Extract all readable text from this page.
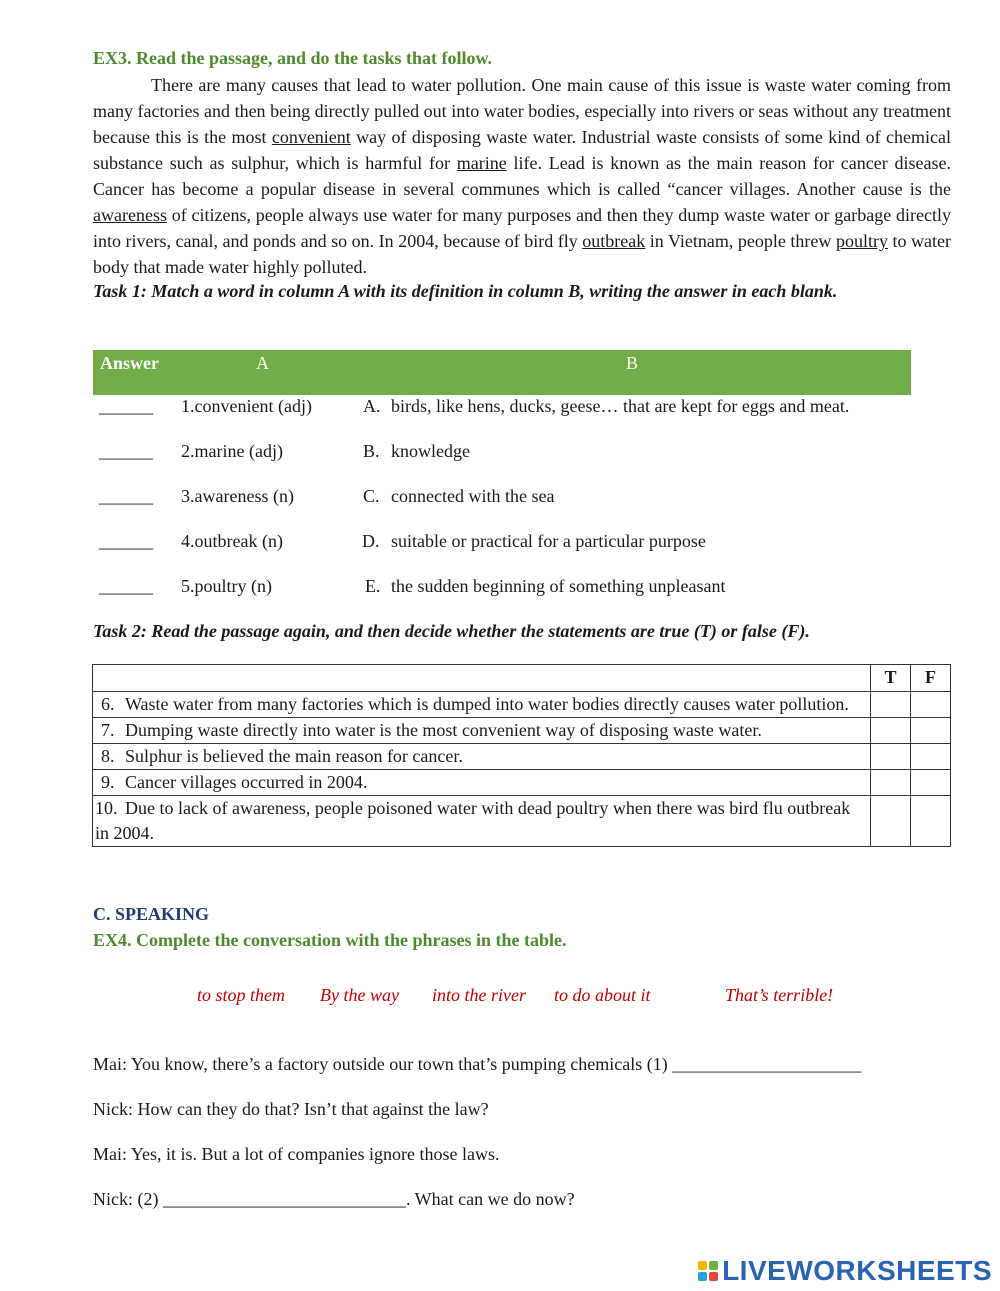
EX3. Read the passage, and do the tasks that follow.
There are many causes that lead to water pollution. One main cause of this issue is waste water coming from many factories and then being directly pulled out into water bodies, especially into rivers or seas without any treatment because this is the most convenient way of disposing waste water. Industrial waste consists of some kind of chemical substance such as sulphur, which is harmful for marine life. Lead is known as the main reason for cancer disease. Cancer has become a popular disease in several communes which is called “cancer villages. Another cause is the awareness of citizens, people always use water for many purposes and then they dump waste water or garbage directly into rivers, canal, and ponds and so on. In 2004, because of bird fly outbreak in Vietnam, people threw poultry to water body that made water highly polluted.
Task 1: Match a word in column A with its definition in column B, writing the answer in each blank.
Answer	A	B
______ 1.convenient (adj)	A. birds, like hens, ducks, geese… that are kept for eggs and meat.
______ 2.marine (adj)	B. knowledge
______ 3.awareness (n)	C. connected with the sea
______ 4.outbreak (n)	D. suitable or practical for a particular purpose
______ 5.poultry (n)	E. the sudden beginning of something unpleasant
Task 2: Read the passage again, and then decide whether the statements are true (T) or false (F).
	T	F
6. Waste water from many factories which is dumped into water bodies directly causes water pollution.		
7. Dumping waste directly into water is the most convenient way of disposing waste water.		
8. Sulphur is believed the main reason for cancer.		
9. Cancer villages occurred in 2004.		
10. Due to lack of awareness, people poisoned water with dead poultry when there was bird flu outbreak in 2004.		
C. SPEAKING
EX4. Complete the conversation with the phrases in the table.
to stop them By the way into the river to do about it	That’s terrible!
Mai: You know, there’s a factory outside our town that’s pumping chemicals (1) _____________________
Nick: How can they do that? Isn’t that against the law?
Mai: Yes, it is. But a lot of companies ignore those laws.
Nick: (2) ___________________________. What can we do now?
LIVEWORKSHEETS
